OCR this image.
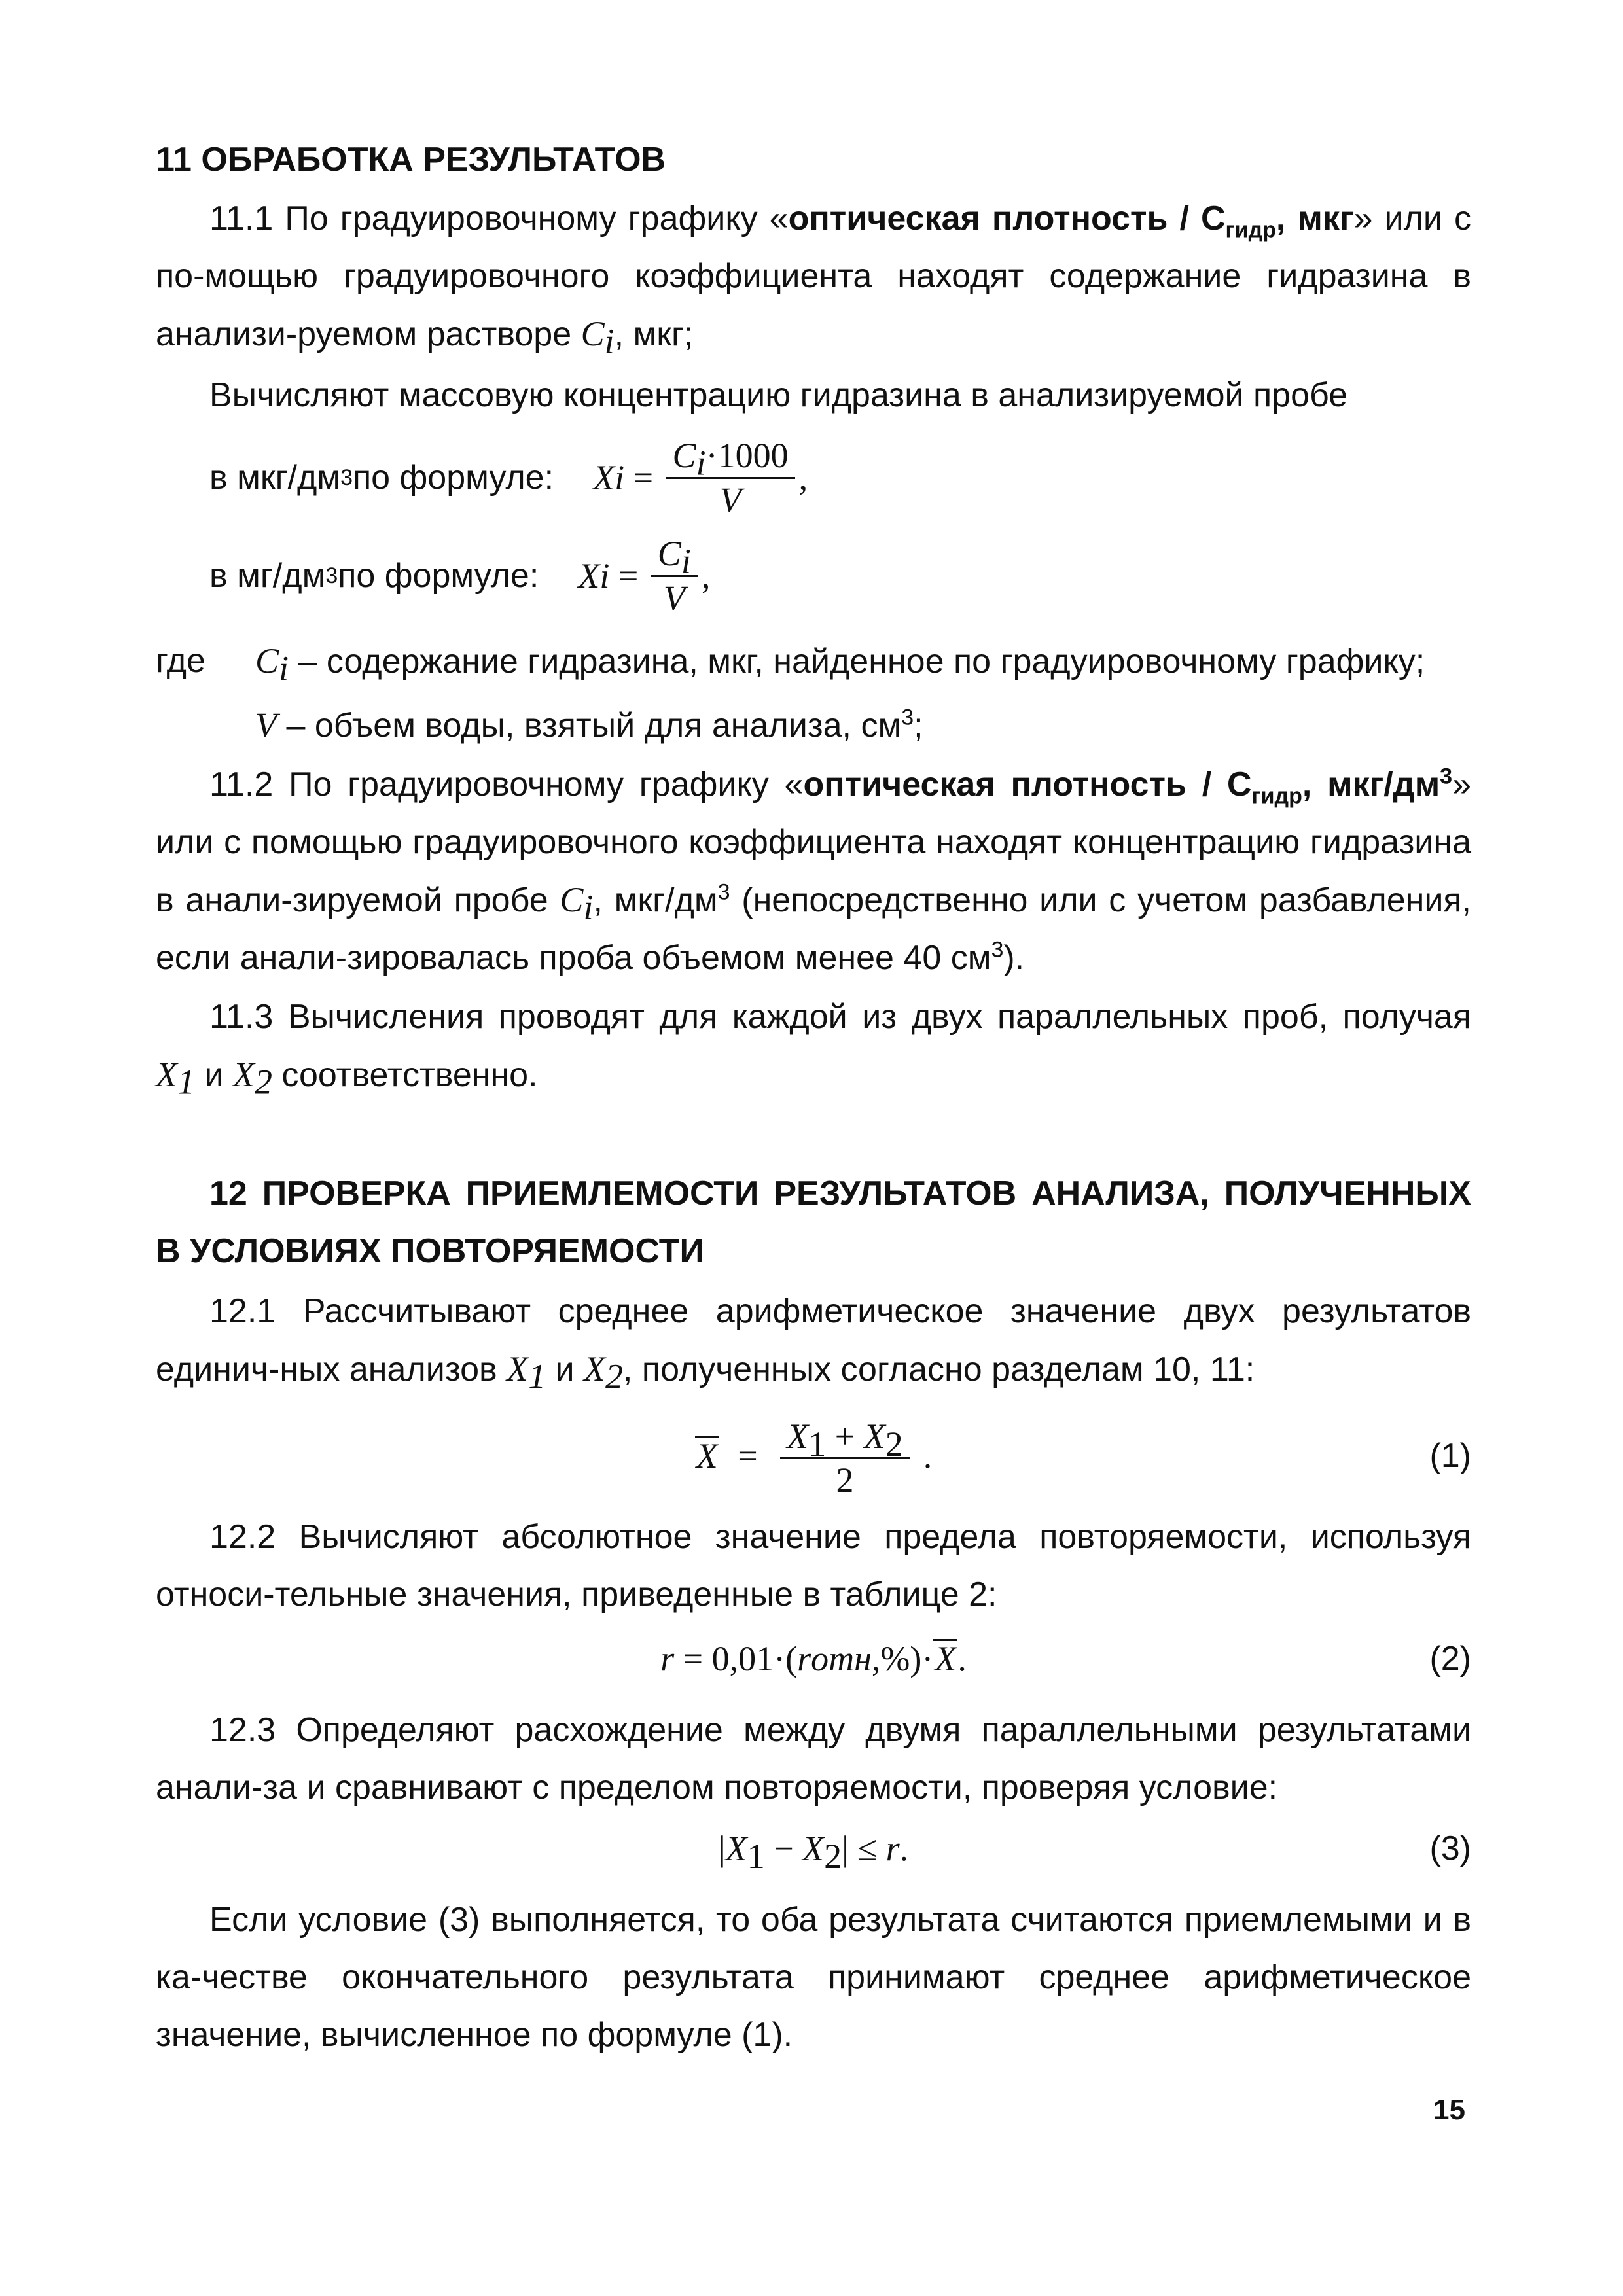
11 ОБРАБОТКА РЕЗУЛЬТАТОВ

11.1 По градуировочному графику «оптическая плотность / $С_{гидр}$, мкг» или с по-мощью градуировочного коэффициента находят содержание гидразина в анализи-руемом растворе $C_i$, мкг;

Вычисляют массовую концентрацию гидразина в анализируемой пробе
в мкг/дм 3 по формуле: X $i = \frac{C_i\cdot 1000}{V}$ ,
в мг/дм 3 по формуле: X $i = \frac{C_i}{V}$ ,
где $C_i$ – содержание гидразина, мкг, найденное по градуировочному графику;
V – объем воды, взятый для анализа, $см^3$;

11.2 По градуировочному графику «оптическая плотность / $С_{гидр}$, мкг/$дм^3$» или с помощью градуировочного коэффициента находят концентрацию гидразина в анали-зируемой пробе $C_i$, мкг/$дм^3$ (непосредственно или с учетом разбавления, если анали-зировалась проба объемом менее 40 $см^3$).

11.3 Вычисления проводят для каждой из двух параллельных проб, получая $X_1$ и $X_2$ соответственно.

12 ПРОВЕРКА ПРИЕМЛЕМОСТИ РЕЗУЛЬТАТОВ АНАЛИЗА, ПОЛУЧЕННЫХ В УСЛОВИЯХ ПОВТОРЯЕМОСТИ

12.1 Рассчитывают среднее арифметическое значение двух результатов единич-ных анализов $X_1$ и $X_2$, полученных согласно разделам 10, 11:

$X = \frac{X_1 + X_2}{2}$ .	(1)

12.2 Вычисляют абсолютное значение предела повторяемости, используя относи-тельные значения, приведенные в таблице 2:

r = 0,01·(rотн,%)·X.	(2)

12.3 Определяют расхождение между двумя параллельными результатами анали-за и сравнивают с пределом повторяемости, проверяя условие:

$|X_1 - X_2| \le r$.	(3)

Если условие (3) выполняется, то оба результата считаются приемлемыми и в ка-честве окончательного результата принимают среднее арифметическое значение, вычисленное по формуле (1).

15
